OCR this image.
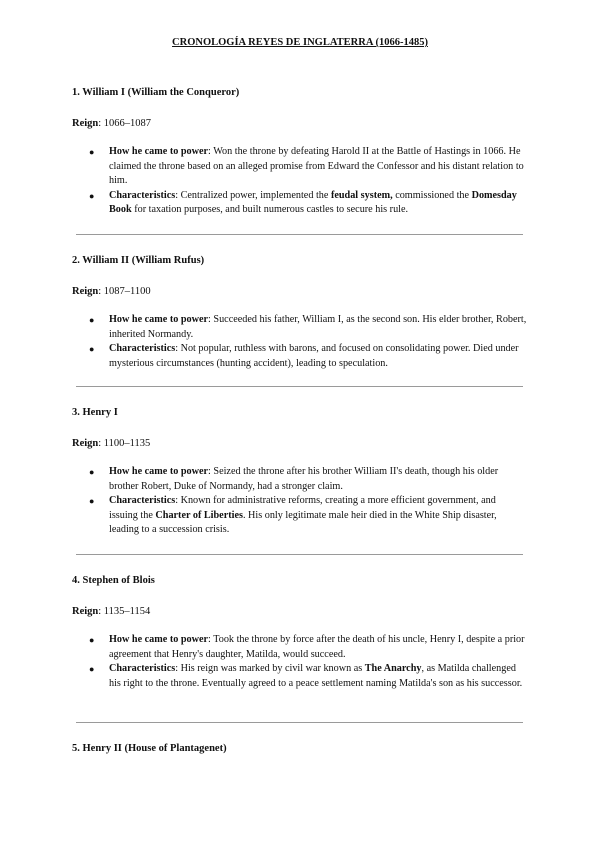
CRONOLOGÍA REYES DE INGLATERRA (1066-1485)
1. William I (William the Conqueror)
Reign: 1066–1087
● How he came to power: Won the throne by defeating Harold II at the Battle of Hastings in 1066. He claimed the throne based on an alleged promise from Edward the Confessor and his distant relation to him.
● Characteristics: Centralized power, implemented the feudal system, commissioned the Domesday Book for taxation purposes, and built numerous castles to secure his rule.
2. William II (William Rufus)
Reign: 1087–1100
● How he came to power: Succeeded his father, William I, as the second son. His elder brother, Robert, inherited Normandy.
● Characteristics: Not popular, ruthless with barons, and focused on consolidating power. Died under mysterious circumstances (hunting accident), leading to speculation.
3. Henry I
Reign: 1100–1135
● How he came to power: Seized the throne after his brother William II's death, though his older brother Robert, Duke of Normandy, had a stronger claim.
● Characteristics: Known for administrative reforms, creating a more efficient government, and issuing the Charter of Liberties. His only legitimate male heir died in the White Ship disaster, leading to a succession crisis.
4. Stephen of Blois
Reign: 1135–1154
● How he came to power: Took the throne by force after the death of his uncle, Henry I, despite a prior agreement that Henry's daughter, Matilda, would succeed.
● Characteristics: His reign was marked by civil war known as The Anarchy, as Matilda challenged his right to the throne. Eventually agreed to a peace settlement naming Matilda's son as his successor.
5. Henry II (House of Plantagenet)
